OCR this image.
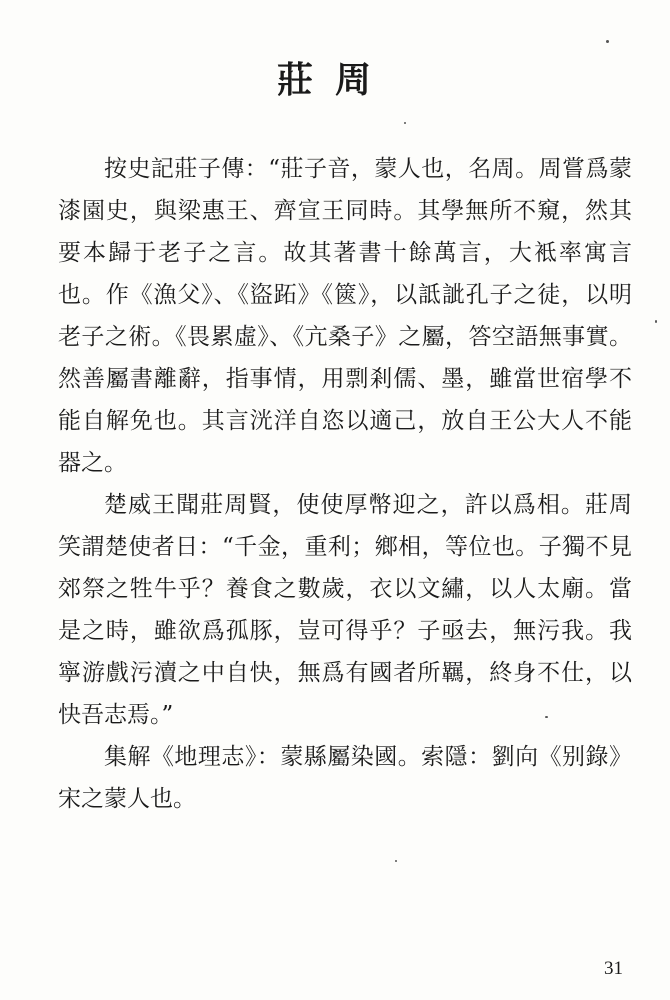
莊周

按史記莊子傳：“莊子音，蒙人也，名周。周嘗爲蒙漆園史，與梁惠王、齊宣王同時。其學無所不窺，然其要本歸于老子之言。故其著書十餘萬言，大袛率寓言也。作《漁父》、《盜跖》《篋》，以詆訿孔子之徒，以明老子之術。《畏累虛》、《亢桑子》之屬，答空語無事實。然善屬書離辭，指事情，用剽剎儒、墨，雖當世宿學不能自解免也。其言洸洋自恣以適己，放自王公大人不能器之。

楚威王聞莊周賢，使使厚幣迎之，許以爲相。莊周笑謂楚使者日：“千金，重利；鄉相，等位也。子獨不見郊祭之牲牛乎？養食之數歲，衣以文繡，以人太廟。當是之時，雖欲爲孤豚，豈可得乎？子亟去，無污我。我寧游戲污瀆之中自快，無爲有國者所羈，終身不仕，以快吾志焉。”

集解《地理志》：蒙縣屬染國。索隱：劉向《别錄》宋之蒙人也。

31
